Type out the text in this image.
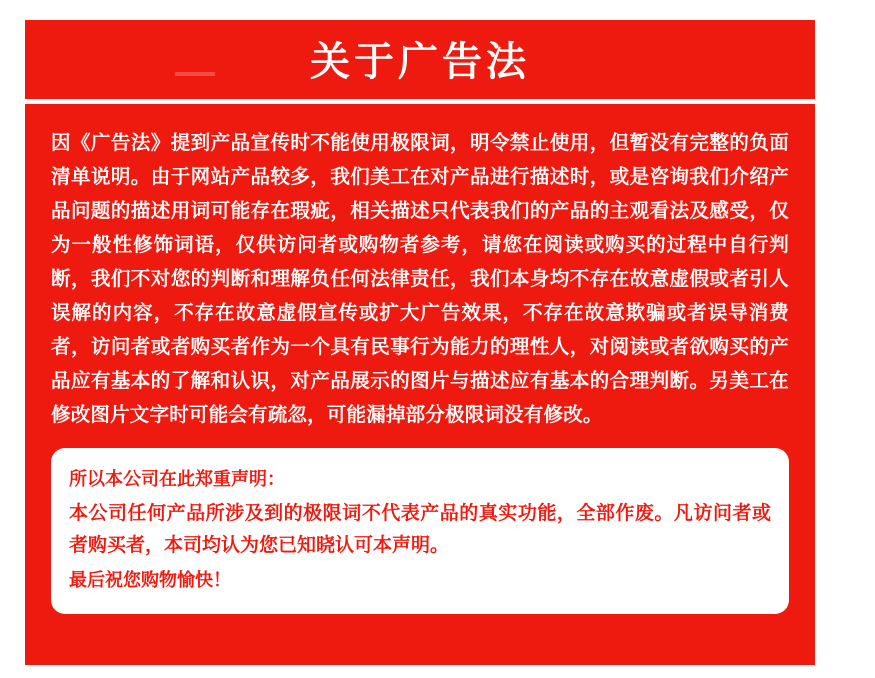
关于广告法
因《广告法》提到产品宣传时不能使用极限词，明令禁止使用，但暂没有完整的负面清单说明。由于网站产品较多，我们美工在对产品进行描述时，或是咨询我们介绍产品问题的描述用词可能存在瑕疵，相关描述只代表我们的产品的主观看法及感受，仅为一般性修饰词语，仅供访问者或购物者参考，请您在阅读或购买的过程中自行判断，我们不对您的判断和理解负任何法律责任，我们本身均不存在故意虚假或者引人误解的内容，不存在故意虚假宣传或扩大广告效果，不存在故意欺骗或者误导消费者，访问者或者购买者作为一个具有民事行为能力的理性人，对阅读或者欲购买的产品应有基本的了解和认识，对产品展示的图片与描述应有基本的合理判断。另美工在修改图片文字时可能会有疏忽，可能漏掉部分极限词没有修改。
所以本公司在此郑重声明：
本公司任何产品所涉及到的极限词不代表产品的真实功能，全部作废。凡访问者或者购买者，本司均认为您已知晓认可本声明。
最后祝您购物愉快！
